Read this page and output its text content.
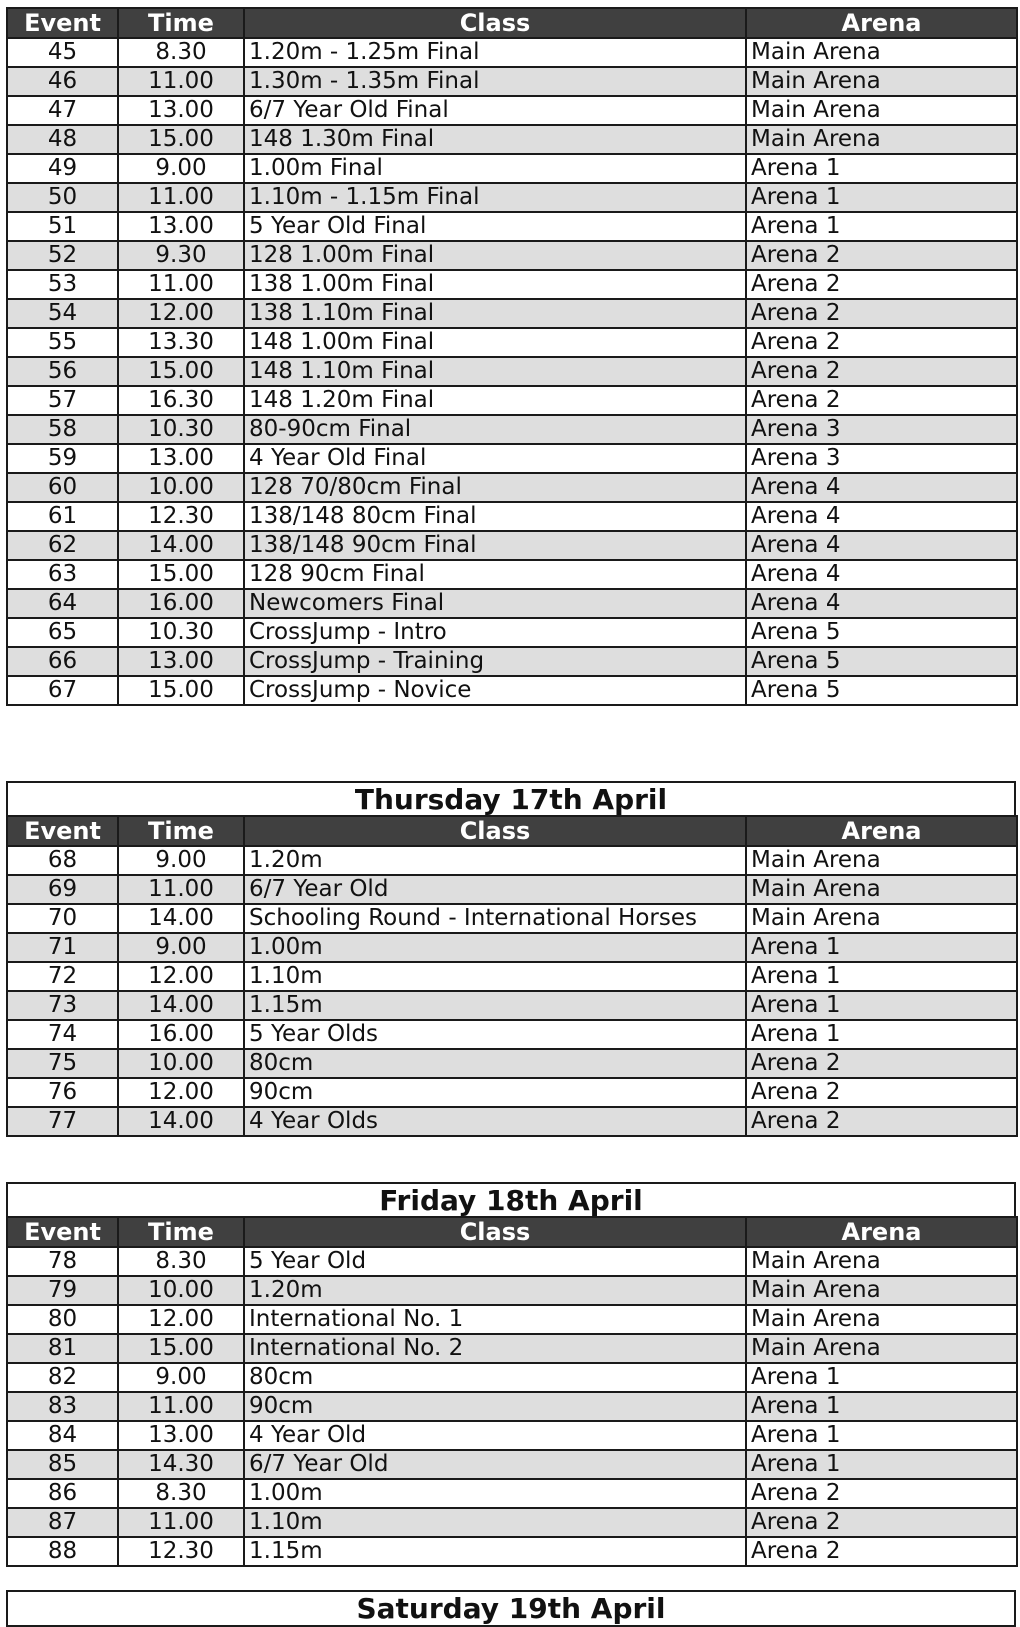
Event	Time	Class	Arena
45	8.30	1.20m - 1.25m Final	Main Arena
46	11.00	1.30m - 1.35m Final	Main Arena
47	13.00	6/7 Year Old Final	Main Arena
48	15.00	148 1.30m Final	Main Arena
49	9.00	1.00m Final	Arena 1
50	11.00	1.10m - 1.15m Final	Arena 1
51	13.00	5 Year Old Final	Arena 1
52	9.30	128 1.00m Final	Arena 2
53	11.00	138 1.00m Final	Arena 2
54	12.00	138 1.10m Final	Arena 2
55	13.30	148 1.00m Final	Arena 2
56	15.00	148 1.10m Final	Arena 2
57	16.30	148 1.20m Final	Arena 2
58	10.30	80-90cm Final	Arena 3
59	13.00	4 Year Old Final	Arena 3
60	10.00	128 70/80cm Final	Arena 4
61	12.30	138/148 80cm Final	Arena 4
62	14.00	138/148 90cm Final	Arena 4
63	15.00	128 90cm Final	Arena 4
64	16.00	Newcomers Final	Arena 4
65	10.30	CrossJump - Intro	Arena 5
66	13.00	CrossJump - Training	Arena 5
67	15.00	CrossJump - Novice	Arena 5
Thursday 17th April
Event	Time	Class	Arena
68	9.00	1.20m	Main Arena
69	11.00	6/7 Year Old	Main Arena
70	14.00	Schooling Round - International Horses	Main Arena
71	9.00	1.00m	Arena 1
72	12.00	1.10m	Arena 1
73	14.00	1.15m	Arena 1
74	16.00	5 Year Olds	Arena 1
75	10.00	80cm	Arena 2
76	12.00	90cm	Arena 2
77	14.00	4 Year Olds	Arena 2
Friday 18th April
Event	Time	Class	Arena
78	8.30	5 Year Old	Main Arena
79	10.00	1.20m	Main Arena
80	12.00	International No. 1	Main Arena
81	15.00	International No. 2	Main Arena
82	9.00	80cm	Arena 1
83	11.00	90cm	Arena 1
84	13.00	4 Year Old	Arena 1
85	14.30	6/7 Year Old	Arena 1
86	8.30	1.00m	Arena 2
87	11.00	1.10m	Arena 2
88	12.30	1.15m	Arena 2
Saturday 19th April
